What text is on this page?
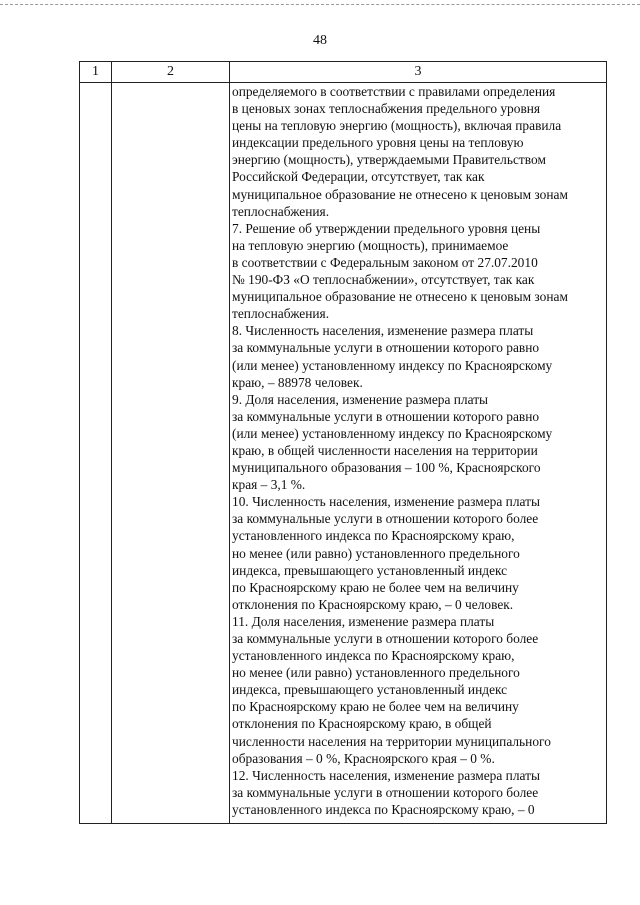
48
1	2	3
определяемого в соответствии с правилами определения
в ценовых зонах теплоснабжения предельного уровня
цены на тепловую энергию (мощность), включая правила
индексации предельного уровня цены на тепловую
энергию (мощность), утверждаемыми Правительством
Российской Федерации, отсутствует, так как
муниципальное образование не отнесено к ценовым зонам
теплоснабжения.
7. Решение об утверждении предельного уровня цены
на тепловую энергию (мощность), принимаемое
в соответствии с Федеральным законом от 27.07.2010
№ 190-ФЗ «О теплоснабжении», отсутствует, так как
муниципальное образование не отнесено к ценовым зонам
теплоснабжения.
8. Численность населения, изменение размера платы
за коммунальные услуги в отношении которого равно
(или менее) установленному индексу по Красноярскому
краю, – 88978 человек.
9. Доля населения, изменение размера платы
за коммунальные услуги в отношении которого равно
(или менее) установленному индексу по Красноярскому
краю, в общей численности населения на территории
муниципального образования – 100 %, Красноярского
края – 3,1 %.
10. Численность населения, изменение размера платы
за коммунальные услуги в отношении которого более
установленного индекса по Красноярскому краю,
но менее (или равно) установленного предельного
индекса, превышающего установленный индекс
по Красноярскому краю не более чем на величину
отклонения по Красноярскому краю, – 0 человек.
11. Доля населения, изменение размера платы
за коммунальные услуги в отношении которого более
установленного индекса по Красноярскому краю,
но менее (или равно) установленного предельного
индекса, превышающего установленный индекс
по Красноярскому краю не более чем на величину
отклонения по Красноярскому краю, в общей
численности населения на территории муниципального
образования – 0 %, Красноярского края – 0 %.
12. Численность населения, изменение размера платы
за коммунальные услуги в отношении которого более
установленного индекса по Красноярскому краю, – 0
